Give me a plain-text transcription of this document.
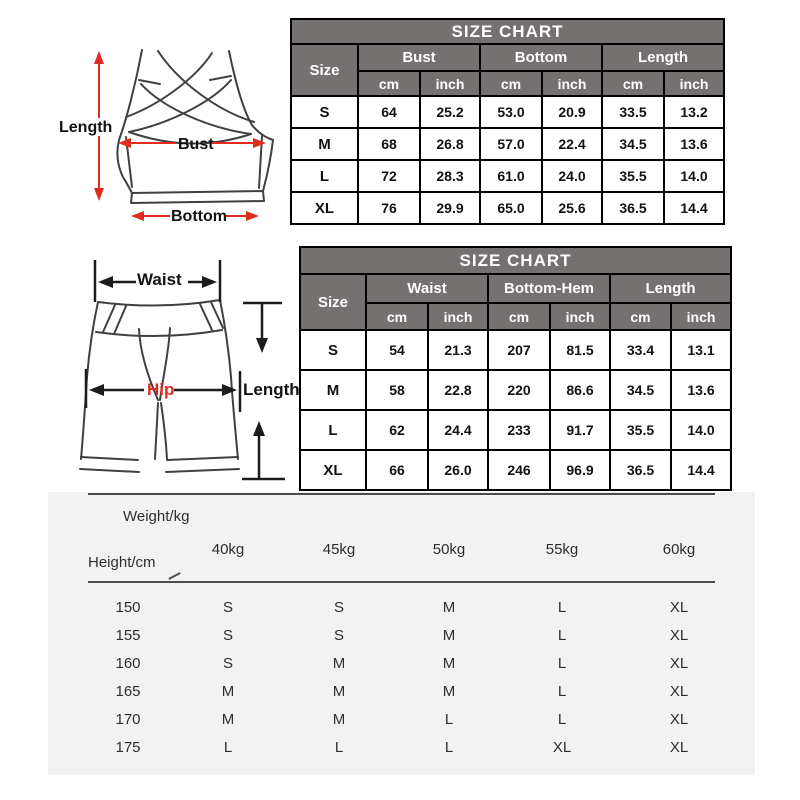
Length
Bust
Bottom
Waist
Hip	Length
SIZE CHART						
Size	Bust		Bottom		Length	
	cm	inch	cm	inch	cm	inch
S	64	25.2	53.0	20.9	33.5	13.2
M	68	26.8	57.0	22.4	34.5	13.6
L	72	28.3	61.0	24.0	35.5	14.0
XL	76	29.9	65.0	25.6	36.5	14.4
SIZE CHART						
Size	Waist		Bottom-Hem		Length	
	cm	inch	cm	inch	cm	inch
S	54	21.3	207	81.5	33.4	13.1
M	58	22.8	220	86.6	34.5	13.6
L	62	24.4	233	91.7	35.5	14.0
XL	66	26.0	246	96.9	36.5	14.4
Weight/kg
Height/cm
40kg	45kg	50kg	55kg	60kg
150	S	S	M	L	XL
155	S	S	M	L	XL
160	S	M	M	L	XL
165	M	M	M	L	XL
170	M	M	L	L	XL
175	L	L	L	XL	XL
